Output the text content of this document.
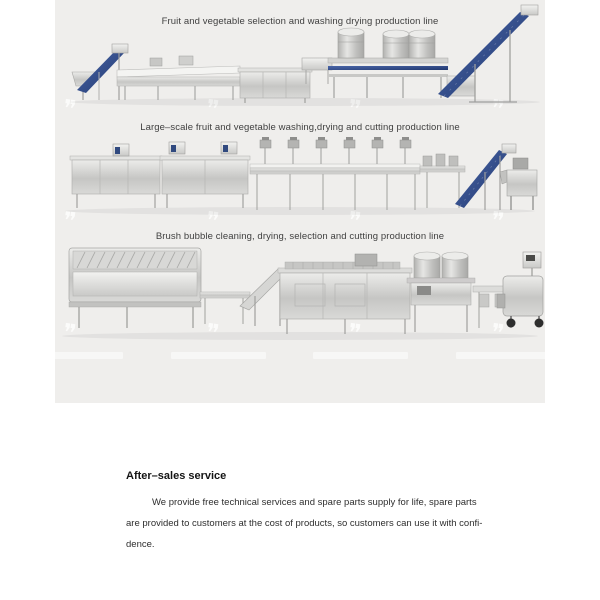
❞	❞	❞	❞
❞	❞	❞	❞
❞	❞	❞	❞
Fruit and vegetable selection and washing drying production line
Large–scale fruit and vegetable washing,drying and cutting production line
Brush bubble cleaning, drying, selection and cutting production line
After–sales service
We provide free technical services and spare parts supply for life, spare parts
are provided to customers at the cost of products, so customers can use it with confi-
dence.
